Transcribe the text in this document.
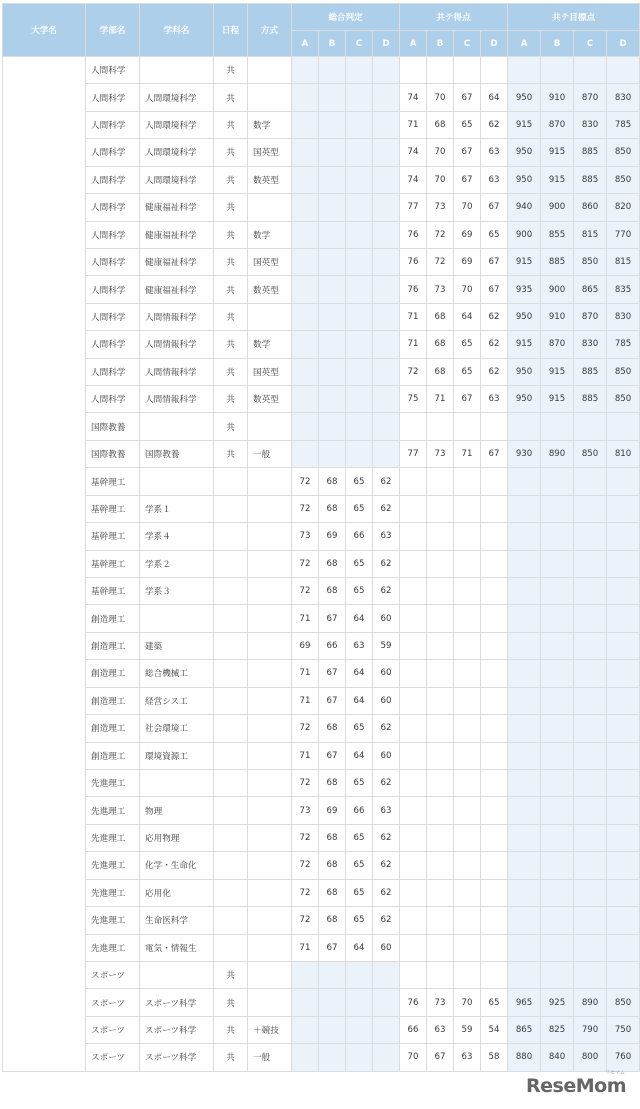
大学名	学部名	学科名	日程	方式	総合判定				共テ得点				共テ目標点			
					A	B	C	D	A	B	C	D	A	B	C	D
	人間科学		共													
	人間科学	人間環境科学	共						74	70	67	64	950	910	870	830
	人間科学	人間環境科学	共	数学					71	68	65	62	915	870	830	785
	人間科学	人間環境科学	共	国英型					74	70	67	63	950	915	885	850
	人間科学	人間環境科学	共	数英型					74	70	67	63	950	915	885	850
	人間科学	健康福祉科学	共						77	73	70	67	940	900	860	820
	人間科学	健康福祉科学	共	数学					76	72	69	65	900	855	815	770
	人間科学	健康福祉科学	共	国英型					76	72	69	67	915	885	850	815
	人間科学	健康福祉科学	共	数英型					76	73	70	67	935	900	865	835
	人間科学	人間情報科学	共						71	68	64	62	950	910	870	830
	人間科学	人間情報科学	共	数学					71	68	65	62	915	870	830	785
	人間科学	人間情報科学	共	国英型					72	68	65	62	950	915	885	850
	人間科学	人間情報科学	共	数英型					75	71	67	63	950	915	885	850
	国際教養		共													
	国際教養	国際教養	共	一般					77	73	71	67	930	890	850	810
	基幹理工				72	68	65	62								
	基幹理工	学系１			72	68	65	62								
	基幹理工	学系４			73	69	66	63								
	基幹理工	学系２			72	68	65	62								
	基幹理工	学系３			72	68	65	62								
	創造理工				71	67	64	60								
	創造理工	建築			69	66	63	59								
	創造理工	総合機械工			71	67	64	60								
	創造理工	経営シス工			71	67	64	60								
	創造理工	社会環境工			72	68	65	62								
	創造理工	環境資源工			71	67	64	60								
	先進理工				72	68	65	62								
	先進理工	物理			73	69	66	63								
	先進理工	応用物理			72	68	65	62								
	先進理工	化学・生命化			72	68	65	62								
	先進理工	応用化			72	68	65	62								
	先進理工	生命医科学			72	68	65	62								
	先進理工	電気・情報生			71	67	64	60								
	スポーツ		共													
	スポーツ	スポーツ科学	共						76	73	70	65	965	925	890	850
	スポーツ	スポーツ科学	共	＋競技					66	63	59	54	865	825	790	750
	スポーツ	スポーツ科学	共	一般					70	67	63	58	880	840	800	760
リセマム
ReseMom
